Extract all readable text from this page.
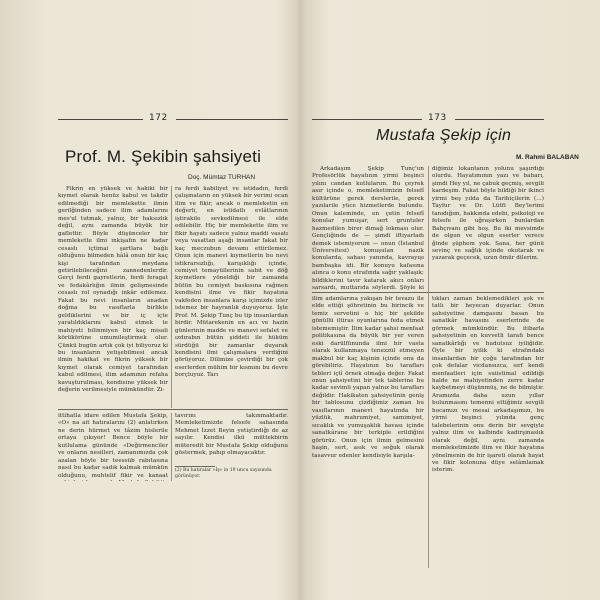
172
Prof. M. Şekibin şahsiyeti
Doç. Mümtaz TURHAN

Fikrin en yüksek ve hakiki bir kıymet olarak henüz kabul ve takdir edilmediği bir memlekette ilmin gerilğinden sadece ilim adamlarını mes'ul tutmak, yalnız, bir haksızlık değil, aynı zamanda büyük bir gaflettir. Böyle düşünceler bir memlekette ilmi inkişafın ne kadar cesaslı içtimai şartlara bağlı olduğunu bilmeden hâlâ onun bir kaç kişi tarafından meydana getirilebileceğini zannedenlerdir. Gerçi ferdi gayretlerin, ferdi feragat ve fedakârlığın ilmin gelişmesinde cesaslı rol oynadığı inkâr edilemez. Fakat bu nevi insanların anadan doğma bu vasıflarla birlikte geldiklerini ve bir iç içte yaratıldıklarını kabul etmek te mahiyeti bilinmiyen bir kaç misali körükörüne umumileştirmek olur. Çünkü bugün artık çok iyi biliyoruz ki bu insanların yetişebilmesi ancak ilmin hakikat ve fikrin yüksek bir kıymet olarak cemiyet tarafından kabul edilmesi, ilim adamının refaha kavuşturulması, kendisine yüksek bir değerin verilmesiyle mümkündür. Zi-

ra ferdi kabiliyet ve istidadın, ferdi çalışmaların en yüksek bir verimi ocan ilim ve fikir, ancak o memleketin en değerli, en istidatlı evlâtlarının iştirakile sevkedilmesi ile elde edilebilir. Hiç bir memlekette ilim ve fikir hayatı sadece yalnız maddi vasatı veya vasattan aşağı insanlar fakat bir kaç meczubun devamı ettirilemez. Onun için manevi kıymetlerin bu nevi istikrarsızlığı, karışıklığı içinde, cemiyet temayüllerinin sabit ve döğ kıymetlere yöneldiği bir zamanda bütün bu cemiyet baskısına rağmen kendisini ilme ve fikir hayatına vakfeden insanlara karşı içimizde izler istemez bir hayranlık duyuyoruz. İşte Prof. M. Şekip Tunç bu tip insanlardan birdir. Mütarekenin en acı ve hazin günlerinin madde ve manevi sefalet ve ızdırabın bütün şiddeti ile hüküm sürdüğü bir zamanlar duyarak kendisini ilmi çalışmalara verdiğini görüyoruz. Dilimize çevirdiği bir çok eserlerden mühim bir kısmını bu devre borçluyuz. Tarı

ittihatla idare edilen Mustafa Şekip, «O» na ait hatıralarını (2) anlatırken ne derin hürmet ve tâzim hislerile ortaya çıkıyor! Bence böyle bir kutlulama gününde «Değirmenciler ve onların nesilleri, zamanımızda çok azalan böyle bir teessüb rabıtasına nasıl bu kadar sadık kalmak mümkün olduğunu, muhtelif fikir ve kanaat

tavırını takınmaktadır. Memleketimizde felsefe sahasında Mehmet İzzet Beyin yetiştirdiği de az sayılır. Kendisi ilkü müttekbirin müteredit bir Mustafa Şekip olduğunu göstermek, pahıp olmayacaktır.

(2) Bu hatıralar «İş» in 19 uncu sayısında görünüyor.
173
Mustafa Şekip için
M. Rahmi BALABAN

Arkadaşım Şekip Tunç'un Profesörlük hayatının yirmi beşinci yılını candan kutlularım. Bu çeyrek asır içinde o, memleketimizin felsefî kültürüne gerek derslerile, gerek yazılarile yüce hizmetlerde bulundu. Onun kaleminde, en çetin felsefî konular yumuşar, sert gruntuler hazmedilen birer dimağ lokması olur. Gençliğinde de — şimdi iftiyarladı demek istemiyorum — onun (İstanbul Üniversitesi) konuşulan nazik konularda, sahası yanında, kavrayışı bambaşka idi. Bir konuyu kafasına alınca o konu etrafında sağır yaklaşık; bildiklerini tavır katarak akıcı onları sarsardı, muttarıda söylerdi. Şöyle ki

diğimiz lokantanın yolunu şaşırdığı olurdu. Hayatımının yazı ve baharı, şimdi Hey yıl, ne çabuk geçmiş, sevgili kardeşim. Fakat böyle bildiği bir ikinci yirmi beş yılda da Tarihiçilerin (...) Tayfur ve Dr. Lütfi Bey'lerimi tanıdığım, hakkında edebi, psikoloji ve felsefe ile uğraşırken bunlardan Bahçıvanı gibi hoş. Bu iki mevsimde de olgun ve olgun eserler verece ğinde şüphem yok. Sana, her günü sevinç ve sağlık içinde okutarak ve yazarak geçecek, uzun ömür dilerim.

ilim adamlarına yakışan bir tevazu ile elde ettiği şöhretinin bu birincik ve temiz servetini o hiç bir şekilde gönüllü iltiras oyunlarına feda etmek istememiştir. İlim kadar şahsi menfaat politikasına da büyük bir yer veren eski darülfünunda ilmi bir vasta olarak kullanmaya tenezzül etmeyen makbul bir kaç kişinin içinde onu da görebiliriz. Hayatının bu tarafları tebleri içtî örnek olmağa değer. Fakat onun şahsiyetini bir tek tablerine bu kadar sevimli yapan yalnız bu tarafları değildir. Hakikaten şahsiyetinin geniş bir tablosunu çizdiğimiz zaman bu vasıflarının manevi hayatında bir yüzlük, mahrumiyet, samimiyet, sıcaklık ve yumuşaklık havası içinde sanatkârane bir terkiple erildiğini görürüz. Onun için ilmin gelmesini haşin, sert, asık ve soğuk olarak tasavvur edenler kendisiyle karşıla-

tıkları zaman beklemedikleri şok ve tatlı bir heyecan duyarlar. Onun şahsiyetine damgasını basan bu sanatkâr havasını eserlerinde de görmek mümkündür. Bu itibarla şahsiyetinin en kuvvetli tarafı bence sanatkârlığı ve hudutsuz iyiliğidir. Öyle bir iyilik ki etrafındaki insanlardan bir çoğu tarafından bir çok defalar vicdansızca, sırf kendi menfaatleri için suiistimal edildiği halde ne mahiyetinden zerre kadar kaybetmeyi düşünmüş, ne de bilmiştir. Aramızda daha uzun yıllar bulunmasını temenni ettiğimiz sevgili hocamızı ve mesai arkadaşımızı, bu yirmi beşinci yılında genç talebelerinin onu derin bir sevgiyle yalnız ilim ve kalbinde kadirşinaslık olarak değil, aynı zamanda memleketimizde ilim ve fikir hayatına yönelmenin de bir işareti olarak hayat ve fikir kolonuna düye selâmlamak isterim.
